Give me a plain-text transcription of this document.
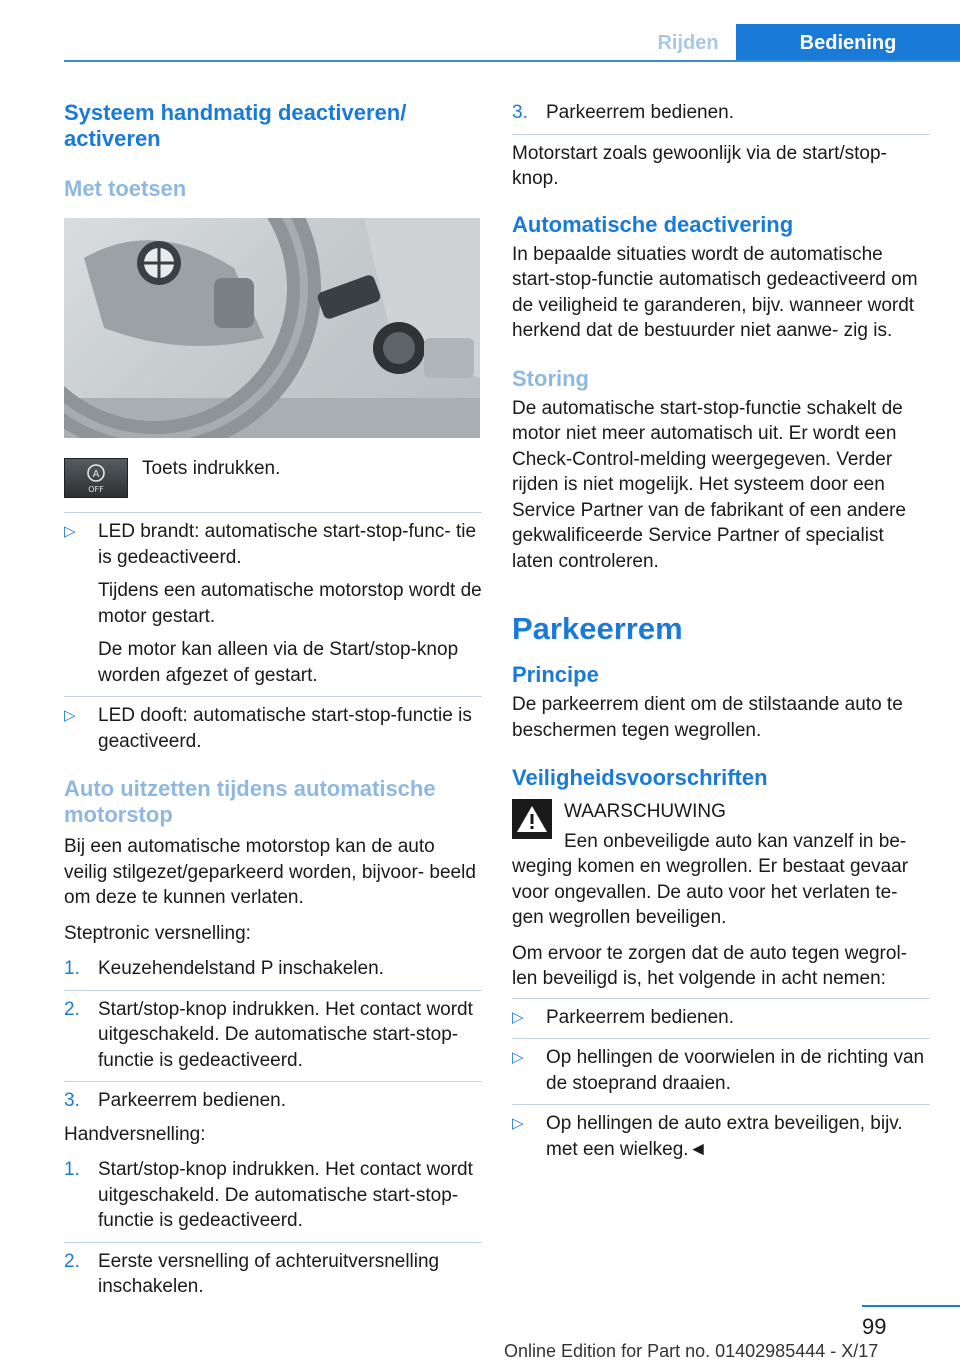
Rijden	Bediening
Systeem handmatig deactiveren/ activeren
Met toetsen
A
OFF
Toets indrukken.
▷	LED brandt: automatische start-stop-func- tie is gedeactiveerd.

Tijdens een automatische motorstop wordt de motor gestart.

De motor kan alleen via de Start/stop-knop worden afgezet of gestart.

▷	LED dooft: automatische start-stop-functie is geactiveerd.

Auto uitzetten tijdens automatische motorstop

Bij een automatische motorstop kan de auto veilig stilgezet/geparkeerd worden, bijvoor- beeld om deze te kunnen verlaten.

Steptronic versnelling:

1. Keuzehendelstand P inschakelen.

2. Start/stop-knop indrukken. Het contact wordt uitgeschakeld. De automatische start-stop-functie is gedeactiveerd.

3. Parkeerrem bedienen.

Handversnelling:

1. Start/stop-knop indrukken. Het contact wordt uitgeschakeld. De automatische start-stop-functie is gedeactiveerd.

2. Eerste versnelling of achteruitversnelling inschakelen.

3. Parkeerrem bedienen.

Motorstart zoals gewoonlijk via de start/stop- knop.

Automatische deactivering

In bepaalde situaties wordt de automatische start-stop-functie automatisch gedeactiveerd om de veiligheid te garanderen, bijv. wanneer wordt herkend dat de bestuurder niet aanwe- zig is.

Storing

De automatische start-stop-functie schakelt de motor niet meer automatisch uit. Er wordt een Check-Control-melding weergegeven. Verder rijden is niet mogelijk. Het systeem door een Service Partner van de fabrikant of een andere gekwalificeerde Service Partner of specialist laten controleren.

Parkeerrem
Principe

De parkeerrem dient om de stilstaande auto te beschermen tegen wegrollen.

Veiligheidsvoorschriften

WAARSCHUWING

Een onbeveiligde auto kan vanzelf in be-

weging komen en wegrollen. Er bestaat gevaar voor ongevallen. De auto voor het verlaten te- gen wegrollen beveiligen.

Om ervoor te zorgen dat de auto tegen wegrol- len beveiligd is, het volgende in acht nemen:

▷	Parkeerrem bedienen.

▷	Op hellingen de voorwielen in de richting van de stoeprand draaien.

▷	Op hellingen de auto extra beveiligen, bijv. met een wielkeg.◄

99
Online Edition for Part no. 01402985444 - X/17
